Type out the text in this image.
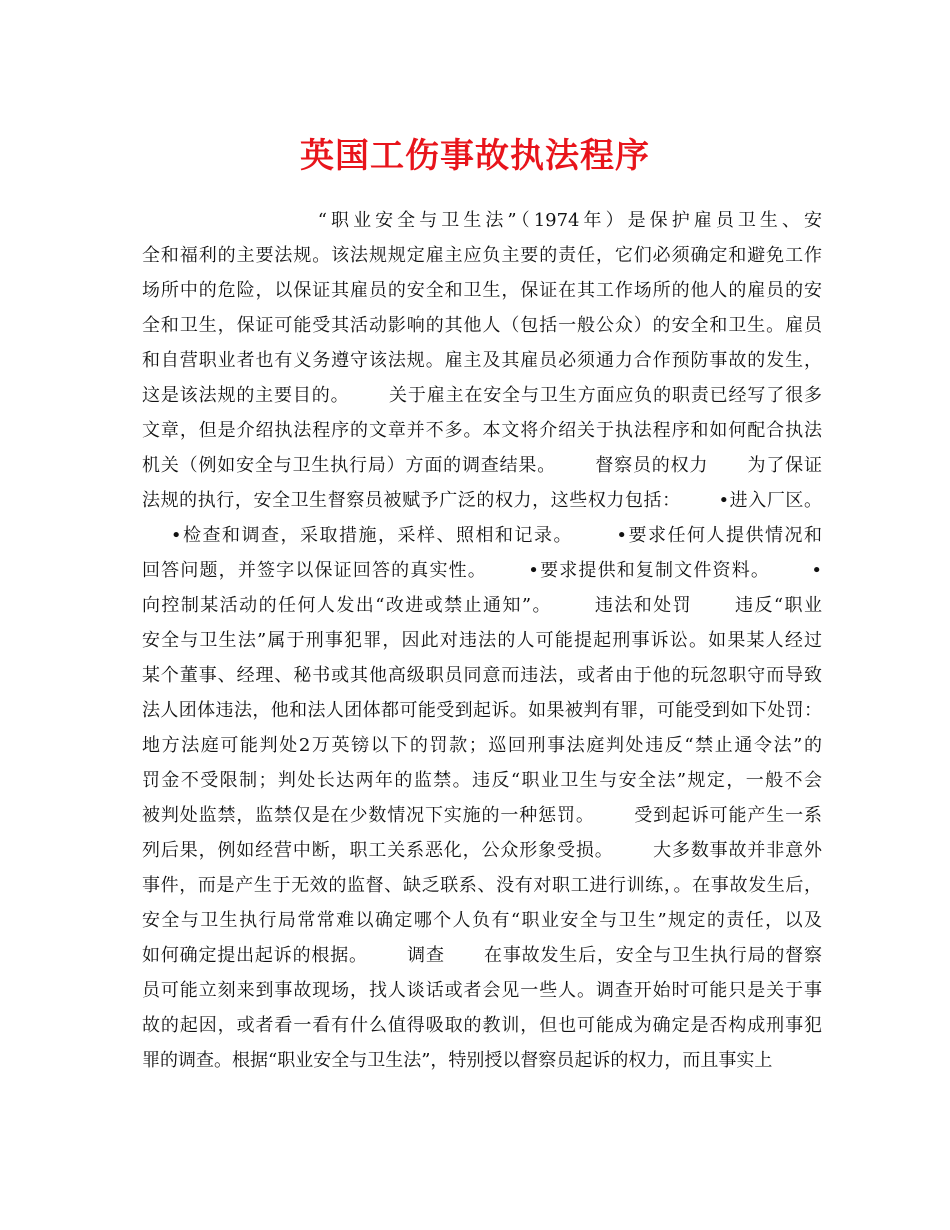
英国工伤事故执法程序
“职业安全与卫生法”（1974年）是保护雇员卫生、安
全和福利的主要法规。该法规规定雇主应负主要的责任，它们必须确定和避免工作
场所中的危险，以保证其雇员的安全和卫生，保证在其工作场所的他人的雇员的安
全和卫生，保证可能受其活动影响的其他人（包括一般公众）的安全和卫生。雇员
和自营职业者也有义务遵守该法规。雇主及其雇员必须通力合作预防事故的发生，
这是该法规的主要目的。      关于雇主在安全与卫生方面应负的职责已经写了很多
文章，但是介绍执法程序的文章并不多。本文将介绍关于执法程序和如何配合执法
机关（例如安全与卫生执行局）方面的调查结果。      督察员的权力      为了保证
法规的执行，安全卫生督察员被赋予广泛的权力，这些权力包括：      •进入厂区。
•检查和调查，采取措施，采样、照相和记录。      •要求任何人提供情况和
回答问题，并签字以保证回答的真实性。      •要求提供和复制文件资料。      •
向控制某活动的任何人发出“改进或禁止通知”。      违法和处罚      违反“职业
安全与卫生法”属于刑事犯罪，因此对违法的人可能提起刑事诉讼。如果某人经过
某个董事、经理、秘书或其他高级职员同意而违法，或者由于他的玩忽职守而导致
法人团体违法，他和法人团体都可能受到起诉。如果被判有罪，可能受到如下处罚：
地方法庭可能判处2万英镑以下的罚款；巡回刑事法庭判处违反“禁止通令法”的
罚金不受限制；判处长达两年的监禁。违反“职业卫生与安全法”规定，一般不会
被判处监禁，监禁仅是在少数情况下实施的一种惩罚。      受到起诉可能产生一系
列后果，例如经营中断，职工关系恶化，公众形象受损。      大多数事故并非意外
事件，而是产生于无效的监督、缺乏联系、没有对职工进行训练，。在事故发生后，
安全与卫生执行局常常难以确定哪个人负有“职业安全与卫生”规定的责任，以及
如何确定提出起诉的根据。      调查      在事故发生后，安全与卫生执行局的督察
员可能立刻来到事故现场，找人谈话或者会见一些人。调查开始时可能只是关于事
故的起因，或者看一看有什么值得吸取的教训，但也可能成为确定是否构成刑事犯
罪的调查。根据“职业安全与卫生法”，特别授以督察员起诉的权力，而且事实上
